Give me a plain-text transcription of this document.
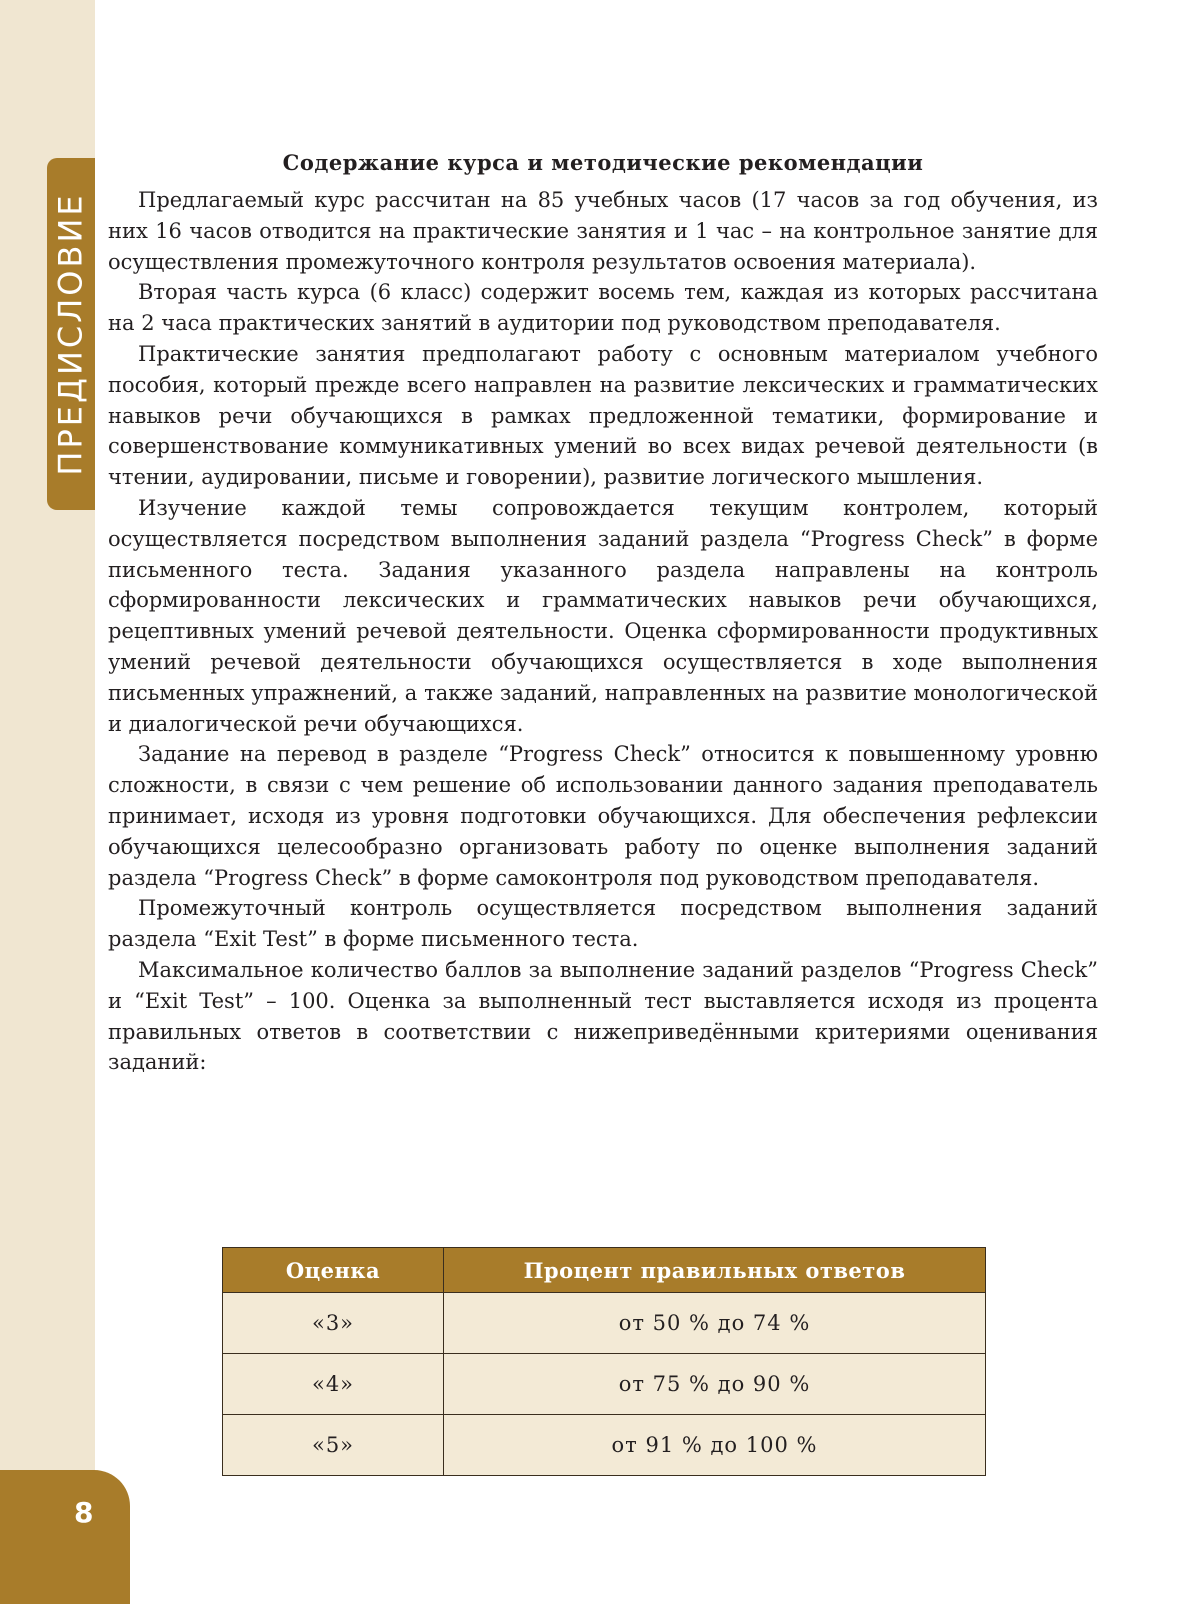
ПРЕДИСЛОВИЕ
8
Содержание курса и методические рекомендации

Предлагаемый курс рассчитан на 85 учебных часов (17 часов за год обучения, из них 16 часов отводится на практические занятия и 1 час – на контрольное занятие для осуществления промежуточного контроля результатов освоения материала).

Вторая часть курса (6 класс) содержит восемь тем, каждая из которых рассчитана на 2 часа практических занятий в аудитории под руководством преподавателя.

Практические занятия предполагают работу с основным материалом учебного пособия, который прежде всего направлен на развитие лексических и грамматических навыков речи обучающихся в рамках предложенной тематики, формирование и совершенствование коммуникативных умений во всех видах речевой деятельности (в чтении, аудировании, письме и говорении), развитие логического мышления.

Изучение каждой темы сопровождается текущим контролем, который осуществляется посредством выполнения заданий раздела “Progress Check” в форме письменного теста. Задания указанного раздела направлены на контроль сформированности лексических и грамматических навыков речи обучающихся, рецептивных умений речевой деятельности. Оценка сформированности продуктивных умений речевой деятельности обучающихся осуществляется в ходе выполнения письменных упражнений, а также заданий, направленных на развитие монологической и диалогической речи обучающихся.

Задание на перевод в разделе “Progress Check” относится к повышенному уровню сложности, в связи с чем решение об использовании данного задания преподаватель принимает, исходя из уровня подготовки обучающихся. Для обеспечения рефлексии обучающихся целесообразно организовать работу по оценке выполнения заданий раздела “Progress Check” в форме самоконтроля под руководством преподавателя.

Промежуточный контроль осуществляется посредством выполнения заданий раздела “Exit Test” в форме письменного теста.

Максимальное количество баллов за выполнение заданий разделов “Progress Check” и “Exit Test” – 100. Оценка за выполненный тест выставляется исходя из процента правильных ответов в соответствии с нижеприведёнными критериями оценивания заданий:

Оценка	Процент правильных ответов
«3»	от 50 % до 74 %
«4»	от 75 % до 90 %
«5»	от 91 % до 100 %
